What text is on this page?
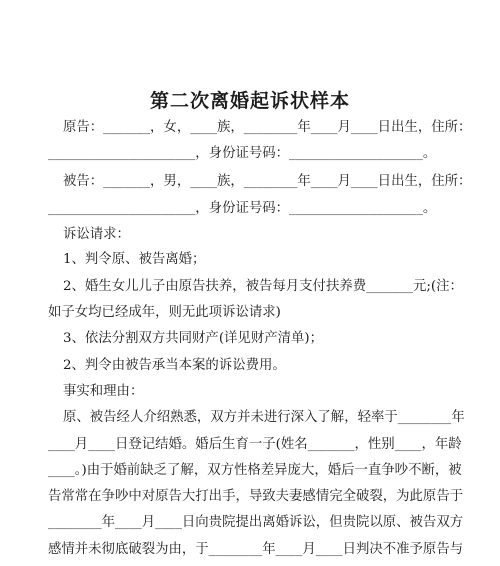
第二次离婚起诉状样本
原告：_______，女，____族，________年____月____日出生，住所：
______________________，身份证号码：____________________。
被告：_______，男，____族，________年____月____日出生，住所：
______________________，身份证号码：____________________。
诉讼请求：
1、判令原、被告离婚；
2、婚生女儿儿子由原告扶养，被告每月支付扶养费_______元;(注：
如子女均已经成年，则无此项诉讼请求)
3、依法分割双方共同财产(详见财产清单)；
2、判令由被告承当本案的诉讼费用。
事实和理由：
原、被告经人介绍熟悉，双方并未进行深入了解，轻率于________年
____月____日登记结婚。婚后生育一子(姓名_______，性别____，年龄
____。)由于婚前缺乏了解，双方性格差异庞大，婚后一直争吵不断，被
告常常在争吵中对原告大打出手，导致夫妻感情完全破裂，为此原告于
________年____月____日向贵院提出离婚诉讼，但贵院以原、被告双方
感情并未彻底破裂为由，于________年____月____日判决不准予原告与
